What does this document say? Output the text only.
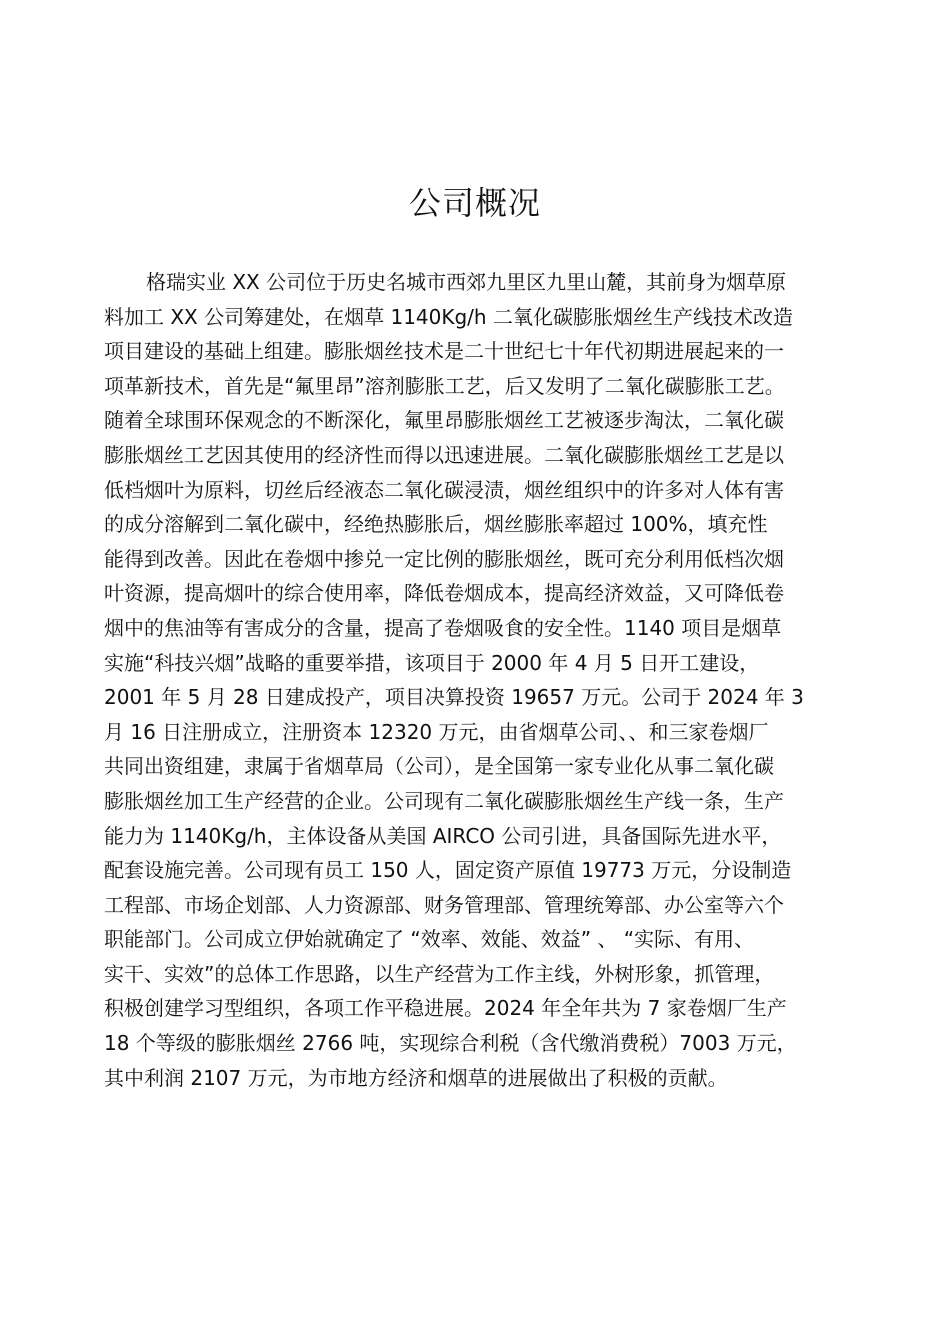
公司概况
格瑞实业 XX 公司位于历史名城市西郊九里区九里山麓，其前身为烟草原
料加工 XX 公司筹建处，在烟草 1140Kg/h 二氧化碳膨胀烟丝生产线技术改造
项目建设的基础上组建。膨胀烟丝技术是二十世纪七十年代初期进展起来的一
项革新技术，首先是“氟里昂”溶剂膨胀工艺，后又发明了二氧化碳膨胀工艺。
随着全球围环保观念的不断深化，氟里昂膨胀烟丝工艺被逐步淘汰，二氧化碳
膨胀烟丝工艺因其使用的经济性而得以迅速进展。二氧化碳膨胀烟丝工艺是以
低档烟叶为原料，切丝后经液态二氧化碳浸渍，烟丝组织中的许多对人体有害
的成分溶解到二氧化碳中，经绝热膨胀后，烟丝膨胀率超过 100%，填充性
能得到改善。因此在卷烟中掺兑一定比例的膨胀烟丝，既可充分利用低档次烟
叶资源，提高烟叶的综合使用率，降低卷烟成本，提高经济效益，又可降低卷
烟中的焦油等有害成分的含量，提高了卷烟吸食的安全性。1140 项目是烟草
实施“科技兴烟”战略的重要举措，该项目于 2000 年 4 月 5 日开工建设，
2001 年 5 月 28 日建成投产，项目决算投资 19657 万元。公司于 2024 年 3
月 16 日注册成立，注册资本 12320 万元，由省烟草公司、、和三家卷烟厂
共同出资组建，隶属于省烟草局（公司），是全国第一家专业化从事二氧化碳
膨胀烟丝加工生产经营的企业。公司现有二氧化碳膨胀烟丝生产线一条，生产
能力为 1140Kg/h，主体设备从美国 AIRCO 公司引进，具备国际先进水平，
配套设施完善。公司现有员工 150 人，固定资产原值 19773 万元，分设制造
工程部、市场企划部、人力资源部、财务管理部、管理统筹部、办公室等六个
职能部门。公司成立伊始就确定了 “效率、效能、效益” 、 “实际、有用、
实干、实效”的总体工作思路，以生产经营为工作主线，外树形象，抓管理，
积极创建学习型组织，各项工作平稳进展。2024 年全年共为 7 家卷烟厂生产
18 个等级的膨胀烟丝 2766 吨，实现综合利税（含代缴消费税）7003 万元，
其中利润 2107 万元，为市地方经济和烟草的进展做出了积极的贡献。
